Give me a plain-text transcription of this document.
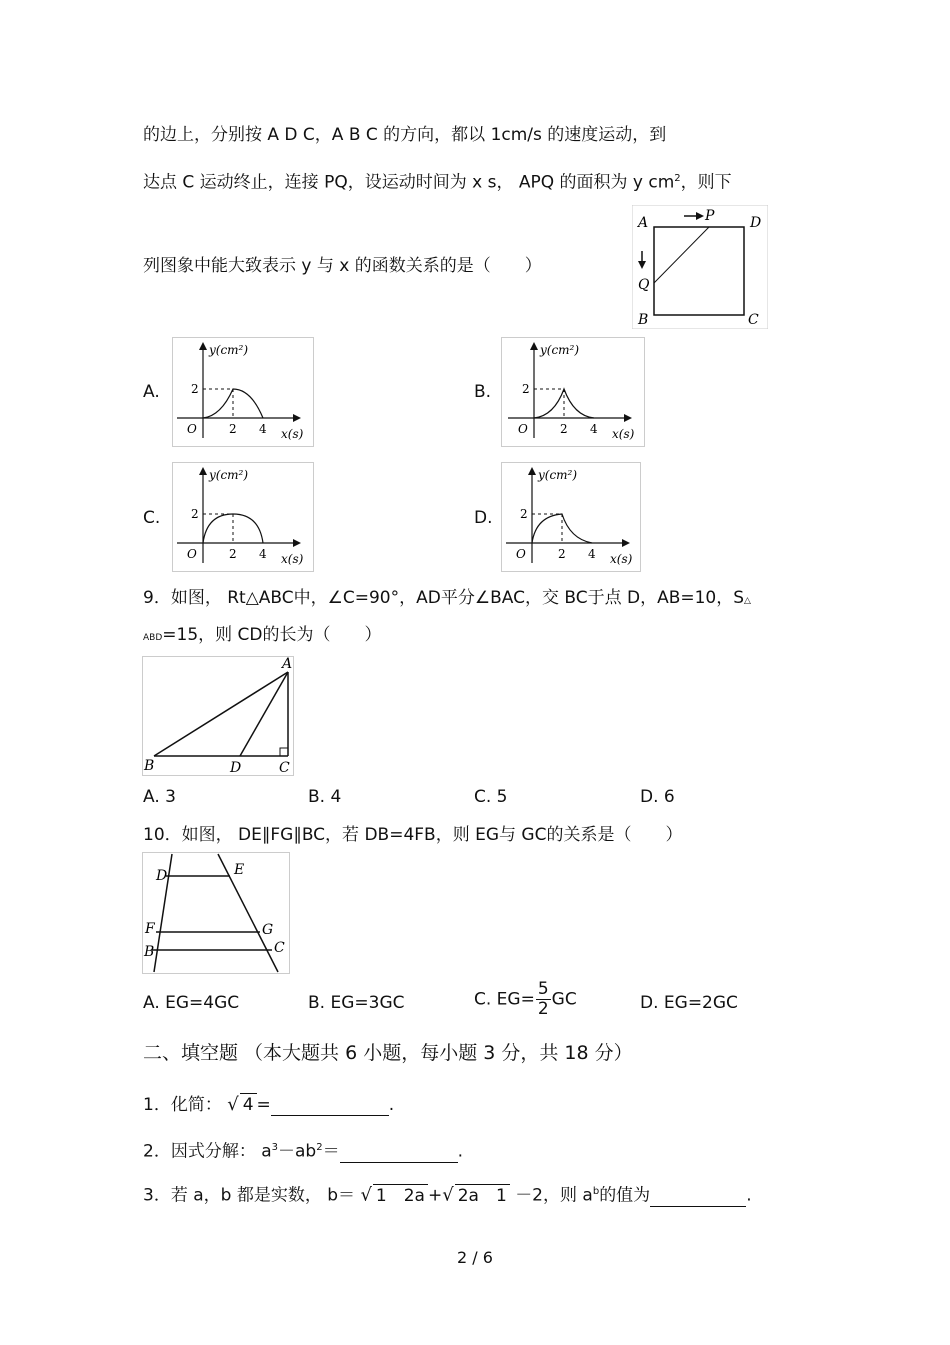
的边上，分别按 A D C，A B C 的方向，都以 1cm/s 的速度运动，到
达点 C 运动终止，连接 PQ，设运动时间为 x s， APQ 的面积为 y $cm^2$，则下
列图象中能大致表示 y 与 x 的函数关系的是（　　）
A	P	D
Q
B	C
A.
y(cm²)
2
O	2 4 x(s)
B.
y(cm²)
2
O	2 4 x(s)
C.
y(cm²)
2
O	2 4 x(s)
D.
y(cm²)
2
O	2 4 x(s)
9．如图， Rt△ABC中，∠C=90°，AD平分∠BAC，交 BC于点 D，AB=10，S△
ABD=15，则 CD的长为（　　）
A
B	D	C
A. 3	B. 4	C. 5	D. 6
10．如图， DE∥FG∥BC，若 DB=4FB，则 EG与 GC的关系是（　　）
D	E
F	G
B	C
A. EG=4GC	B. EG=3GC	C. $EG= \frac{5}{2}$ GC	D. EG=2GC
二、填空题 （本大题共 6 小题，每小题 3 分，共 18 分）
1．化简： √ 4 =	.
2．因式分解： $a^3-ab^2=$	.
3．若 a，b 都是实数， b＝ √ 1　2a +√ 2a　1 －2，则 $a^b$的值为	.
2 / 6
